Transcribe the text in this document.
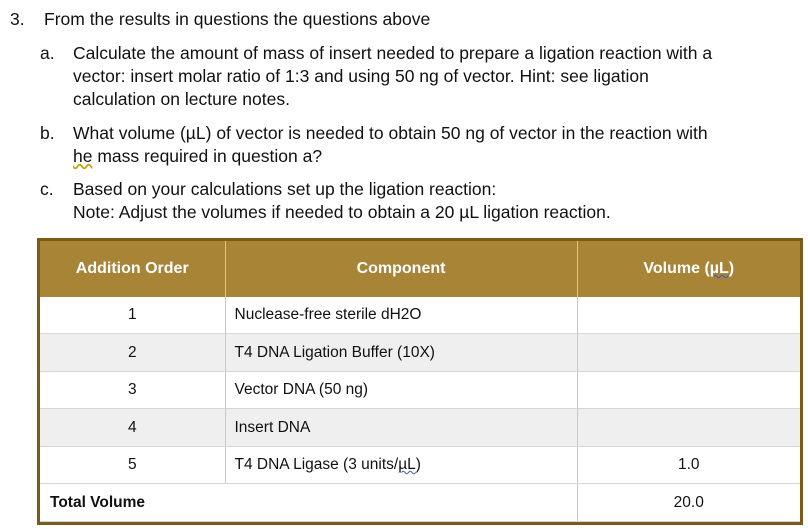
3. From the results in questions the questions above
a. Calculate the amount of mass of insert needed to prepare a ligation reaction with a
vector: insert molar ratio of 1:3 and using 50 ng of vector. Hint: see ligation
calculation on lecture notes.
b. What volume (µL) of vector is needed to obtain 50 ng of vector in the reaction with
he mass required in question a?
c. Based on your calculations set up the ligation reaction:
Note: Adjust the volumes if needed to obtain a 20 µL ligation reaction.
Addition Order	Component	Volume (µL)
1	Nuclease-free sterile dH2O	
2	T4 DNA Ligation Buffer (10X)	
3	Vector DNA (50 ng)	
4	Insert DNA	
5	T4 DNA Ligase (3 units/µL)	1.0
Total Volume		20.0
